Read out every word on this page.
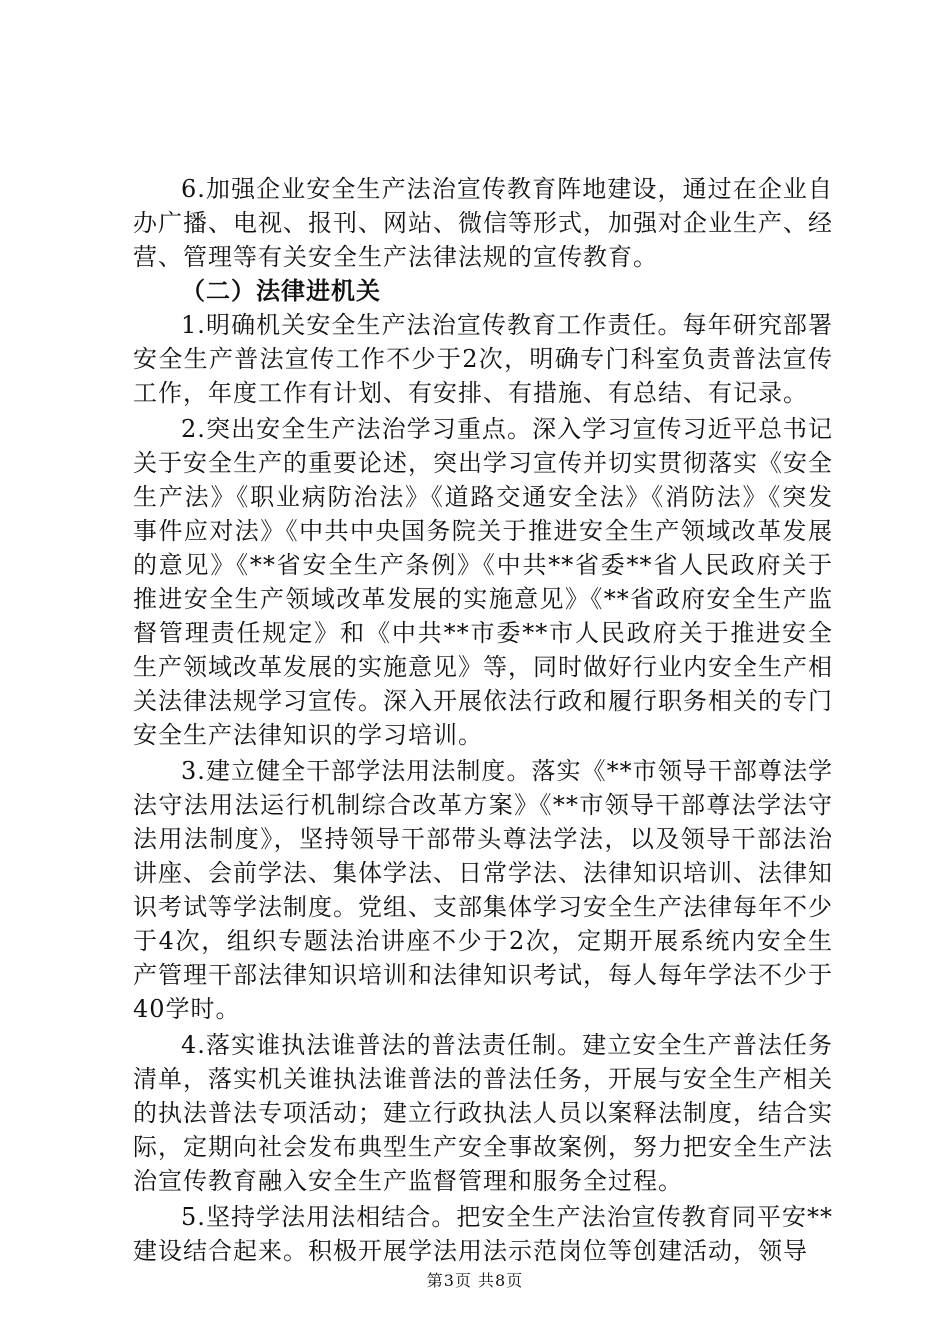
6.加强企业安全生产法治宣传教育阵地建设，通过在企业自办广播、电视、报刊、网站、微信等形式，加强对企业生产、经营、管理等有关安全生产法律法规的宣传教育。

（二）法律进机关

1.明确机关安全生产法治宣传教育工作责任。每年研究部署安全生产普法宣传工作不少于2次，明确专门科室负责普法宣传工作，年度工作有计划、有安排、有措施、有总结、有记录。

2.突出安全生产法治学习重点。深入学习宣传习近平总书记关于安全生产的重要论述，突出学习宣传并切实贯彻落实《安全生产法》《职业病防治法》《道路交通安全法》《消防法》《突发事件应对法》《中共中央国务院关于推进安全生产领域改革发展的意见》《**省安全生产条例》《中共**省委**省人民政府关于推进安全生产领域改革发展的实施意见》《**省政府安全生产监督管理责任规定》和《中共**市委**市人民政府关于推进安全生产领域改革发展的实施意见》等，同时做好行业内安全生产相关法律法规学习宣传。深入开展依法行政和履行职务相关的专门安全生产法律知识的学习培训。

3.建立健全干部学法用法制度。落实《**市领导干部尊法学法守法用法运行机制综合改革方案》《**市领导干部尊法学法守法用法制度》，坚持领导干部带头尊法学法，以及领导干部法治讲座、会前学法、集体学法、日常学法、法律知识培训、法律知识考试等学法制度。党组、支部集体学习安全生产法律每年不少于4次，组织专题法治讲座不少于2次，定期开展系统内安全生产管理干部法律知识培训和法律知识考试，每人每年学法不少于40学时。

4.落实谁执法谁普法的普法责任制。建立安全生产普法任务清单，落实机关谁执法谁普法的普法任务，开展与安全生产相关的执法普法专项活动；建立行政执法人员以案释法制度，结合实际，定期向社会发布典型生产安全事故案例，努力把安全生产法治宣传教育融入安全生产监督管理和服务全过程。

5.坚持学法用法相结合。把安全生产法治宣传教育同平安**建设结合起来。积极开展学法用法示范岗位等创建活动，领导

第3页 共8页
